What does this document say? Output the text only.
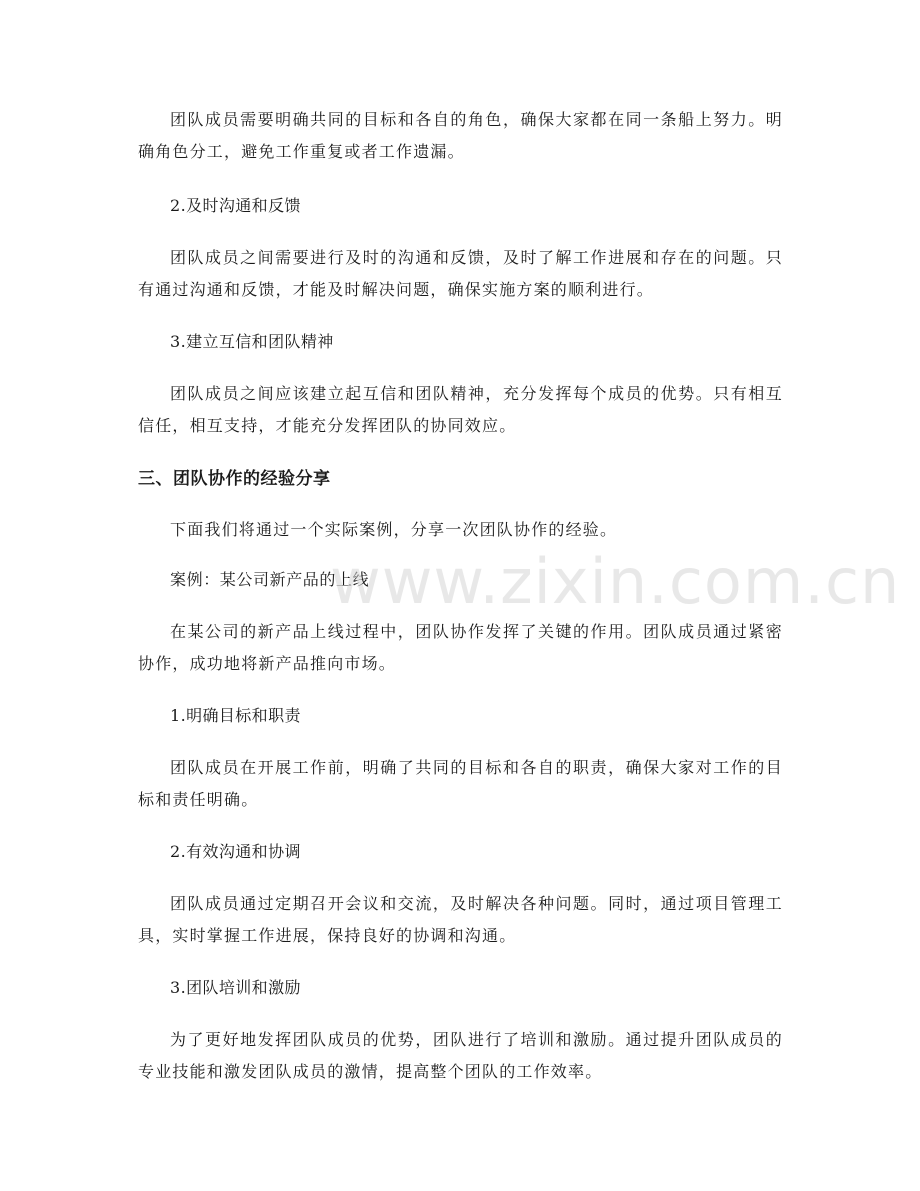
团队成员需要明确共同的目标和各自的角色，确保大家都在同一条船上努力。明确角色分工，避免工作重复或者工作遗漏。

2.及时沟通和反馈

团队成员之间需要进行及时的沟通和反馈，及时了解工作进展和存在的问题。只有通过沟通和反馈，才能及时解决问题，确保实施方案的顺利进行。

3.建立互信和团队精神

团队成员之间应该建立起互信和团队精神，充分发挥每个成员的优势。只有相互信任，相互支持，才能充分发挥团队的协同效应。

三、团队协作的经验分享

下面我们将通过一个实际案例，分享一次团队协作的经验。

案例：某公司新产品的上线

在某公司的新产品上线过程中，团队协作发挥了关键的作用。团队成员通过紧密协作，成功地将新产品推向市场。

1.明确目标和职责

团队成员在开展工作前，明确了共同的目标和各自的职责，确保大家对工作的目标和责任明确。

2.有效沟通和协调

团队成员通过定期召开会议和交流，及时解决各种问题。同时，通过项目管理工具，实时掌握工作进展，保持良好的协调和沟通。

3.团队培训和激励

为了更好地发挥团队成员的优势，团队进行了培训和激励。通过提升团队成员的专业技能和激发团队成员的激情，提高整个团队的工作效率。

www.zixin.com.cn
